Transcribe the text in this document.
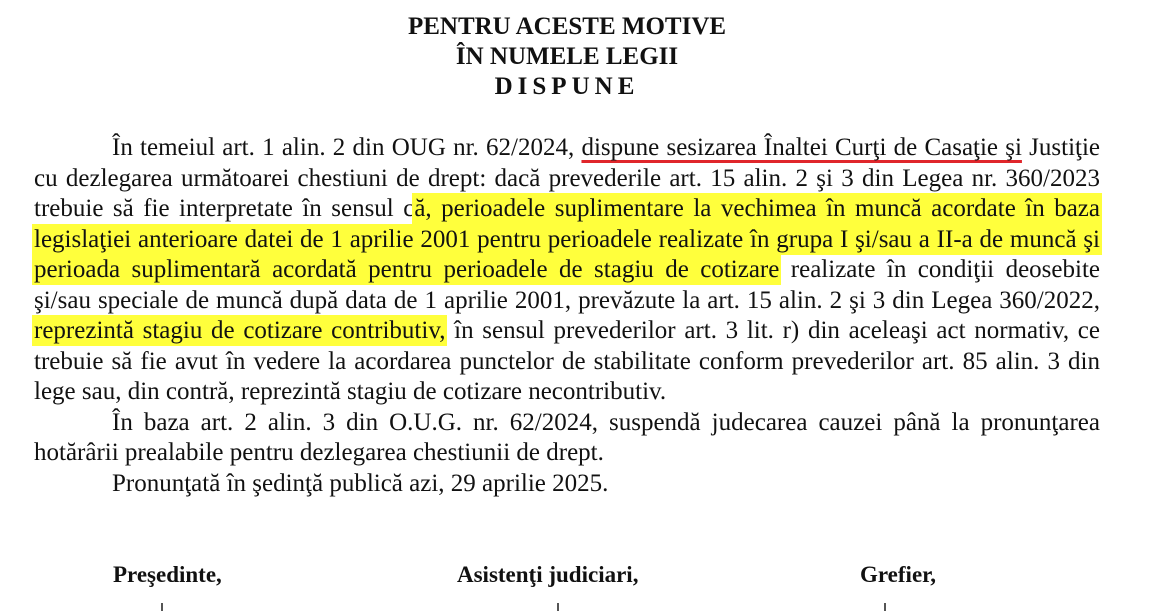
PENTRU ACESTE MOTIVE
ÎN NUMELE LEGII
DISPUNE

În temeiul art. 1 alin. 2 din OUG nr. 62/2024, dispune sesizarea Înaltei Curţi de Casaţie şi Justiţie cu dezlegarea următoarei chestiuni de drept: dacă prevederile art. 15 alin. 2 şi 3 din Legea nr. 360/2023 trebuie să fie interpretate în sensul că, perioadele suplimentare la vechimea în muncă acordate în baza legislaţiei anterioare datei de 1 aprilie 2001 pentru perioadele realizate în grupa I şi/sau a II-a de muncă şi perioada suplimentară acordată pentru perioadele de stagiu de cotizare realizate în condiţii deosebite şi/sau speciale de muncă după data de 1 aprilie 2001, prevăzute la art. 15 alin. 2 şi 3 din Legea 360/2022, reprezintă stagiu de cotizare contributiv, în sensul prevederilor art. 3 lit. r) din aceleaşi act normativ, ce trebuie să fie avut în vedere la acordarea punctelor de stabilitate conform prevederilor art. 85 alin. 3 din lege sau, din contră, reprezintă stagiu de cotizare necontributiv.

În baza art. 2 alin. 3 din O.U.G. nr. 62/2024, suspendă judecarea cauzei până la pronunţarea hotărârii prealabile pentru dezlegarea chestiunii de drept.

Pronunţată în şedinţă publică azi, 29 aprilie 2025.

Preşedinte,	Asistenţi judiciari,	Grefier,
